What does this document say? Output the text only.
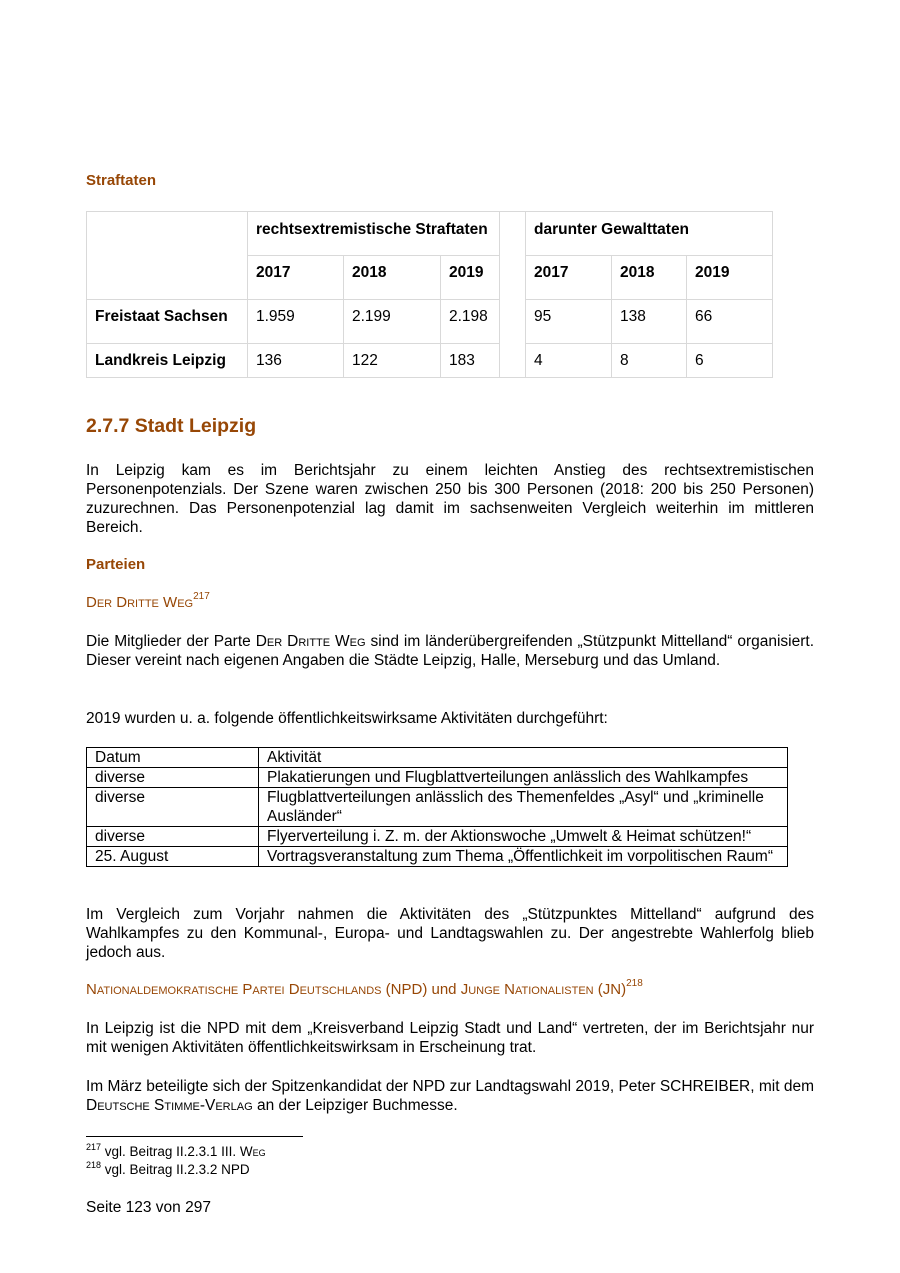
Straftaten
	rechtsextremistische Straftaten				darunter Gewalttaten		
	2017	2018	2019		2017	2018	2019
Freistaat Sachsen	1.959	2.199	2.198		95	138	66
Landkreis Leipzig	136	122	183		4	8	6
2.7.7 Stadt Leipzig
In Leipzig kam es im Berichtsjahr zu einem leichten Anstieg des rechtsextremistischen Personenpotenzials. Der Szene waren zwischen 250 bis 300 Personen (2018: 200 bis 250 Personen) zuzurechnen. Das Personenpotenzial lag damit im sachsenweiten Vergleich weiterhin im mittleren Bereich.
Parteien
Der Dritte Weg$^{217}$
Die Mitglieder der Parte Der Dritte Weg sind im länderübergreifenden „Stützpunkt Mittelland“ organisiert. Dieser vereint nach eigenen Angaben die Städte Leipzig, Halle, Merseburg und das Umland.
2019 wurden u. a. folgende öffentlichkeitswirksame Aktivitäten durchgeführt:
Datum	Aktivität
diverse	Plakatierungen und Flugblattverteilungen anlässlich des Wahlkampfes
diverse	Flugblattverteilungen anlässlich des Themenfeldes „Asyl“ und „kriminelle Ausländer“
diverse	Flyerverteilung i. Z. m. der Aktionswoche „Umwelt & Heimat schützen!“
25. August	Vortragsveranstaltung zum Thema „Öffentlichkeit im vorpolitischen Raum“
Im Vergleich zum Vorjahr nahmen die Aktivitäten des „Stützpunktes Mittelland“ aufgrund des Wahlkampfes zu den Kommunal-, Europa- und Landtagswahlen zu. Der angestrebte Wahlerfolg blieb jedoch aus.
Nationaldemokratische Partei Deutschlands (NPD) und Junge Nationalisten (JN)$^{218}$
In Leipzig ist die NPD mit dem „Kreisverband Leipzig Stadt und Land“ vertreten, der im Berichtsjahr nur mit wenigen Aktivitäten öffentlichkeitswirksam in Erscheinung trat.
Im März beteiligte sich der Spitzenkandidat der NPD zur Landtagswahl 2019, Peter SCHREIBER, mit dem Deutsche Stimme-Verlag an der Leipziger Buchmesse.
$^{217}$ vgl. Beitrag II.2.3.1 III. Weg
$^{218}$ vgl. Beitrag II.2.3.2 NPD
Seite 123 von 297
